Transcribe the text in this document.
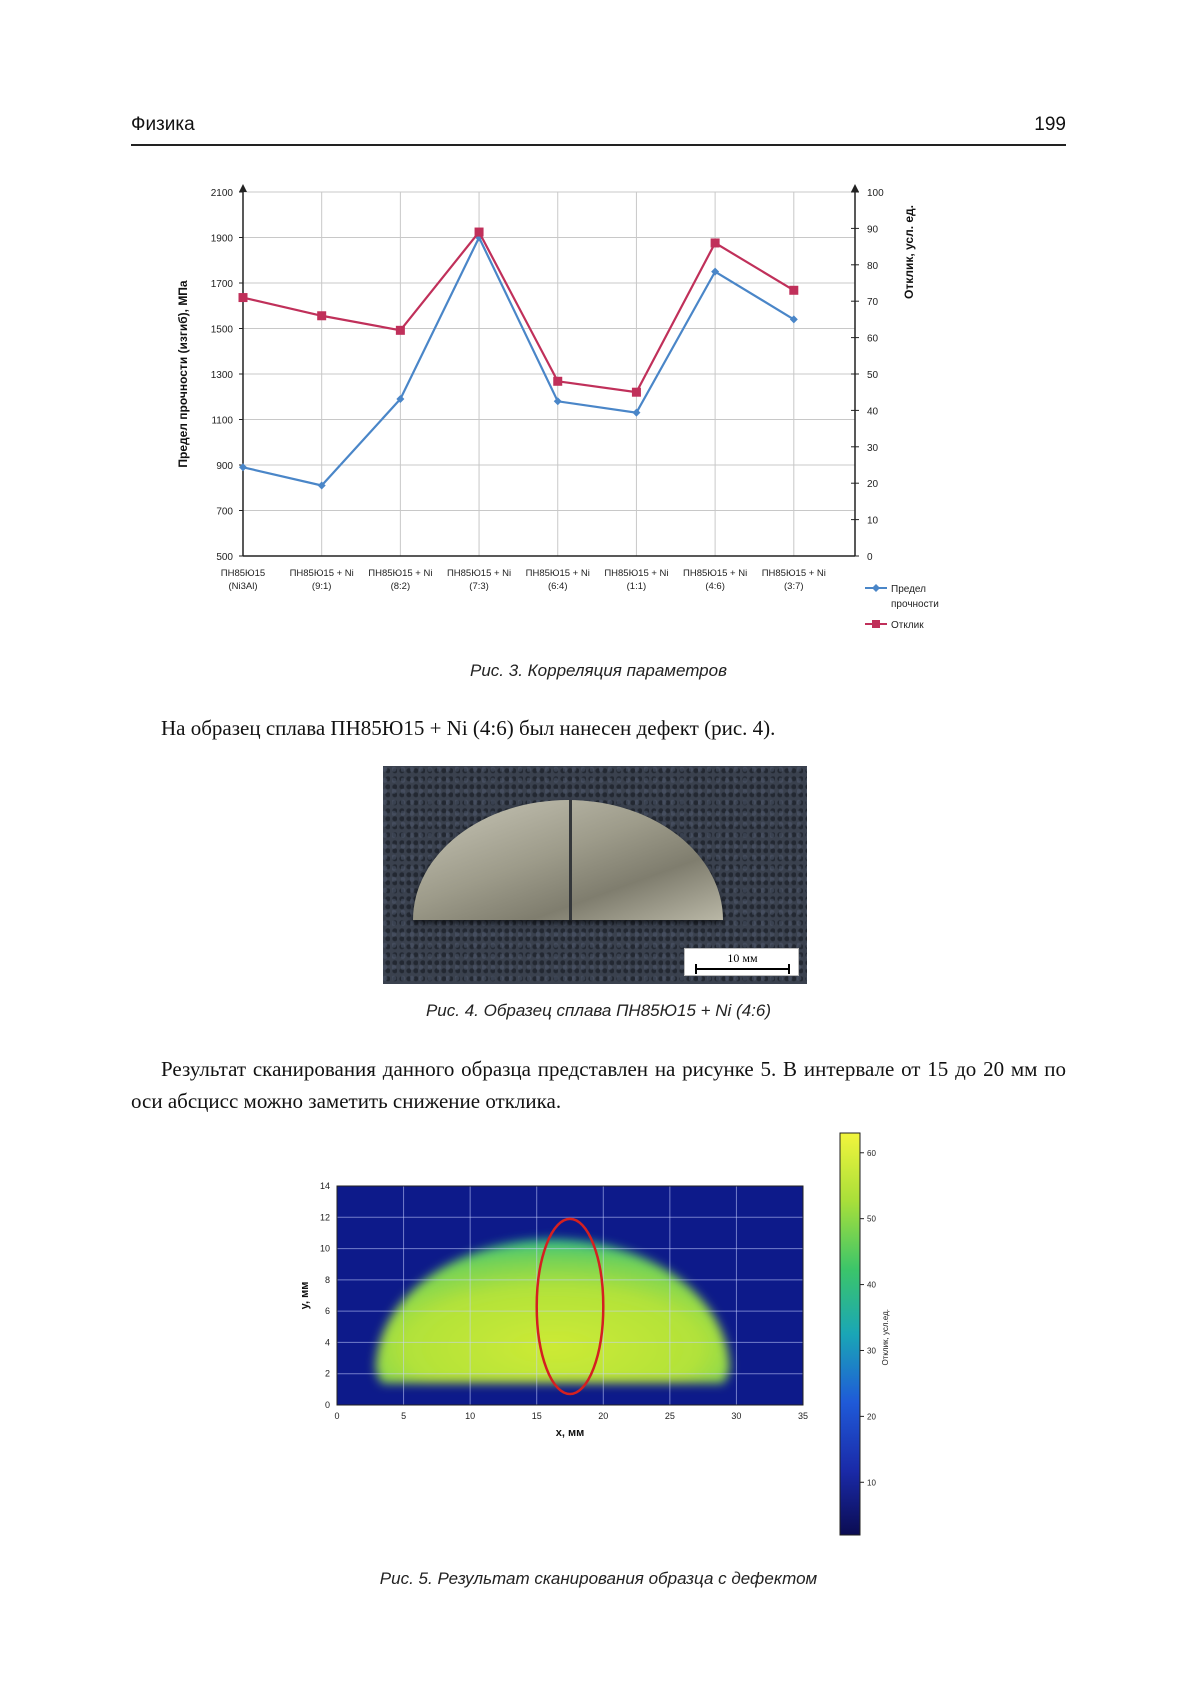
Физика	199
500
700
900
1100
1300
1500
1700
1900
2100
ПН85Ю15 (Ni3Al)
ПН85Ю15 + Ni (9:1)
ПН85Ю15 + Ni (8:2)
ПН85Ю15 + Ni (7:3)
ПН85Ю15 + Ni (6:4)
ПН85Ю15 + Ni (1:1)
ПН85Ю15 + Ni (4:6)
ПН85Ю15 + Ni (3:7)
0
10
20
30
40
50
60
70
80
90
100
Предел прочности (изгиб), МПа
Отклик, усл. ед.
Предел прочности
Отклик
Рис. 3. Корреляция параметров

На образец сплава ПН85Ю15 + Ni (4:6) был нанесен дефект (рис. 4).

10 мм
Рис. 4. Образец сплава ПН85Ю15 + Ni (4:6)

Результат сканирования данного образца представлен на рисунке 5. В интервале от 15 до 20 мм по оси абсцисс можно заметить снижение отклика.

0	5	10	15	20	25	30	35
0
2
4
6
8
10
12
14
x, мм
y, мм
10
20
30
40
50
60
Отклик, усл.ед.
Рис. 5. Результат сканирования образца с дефектом
